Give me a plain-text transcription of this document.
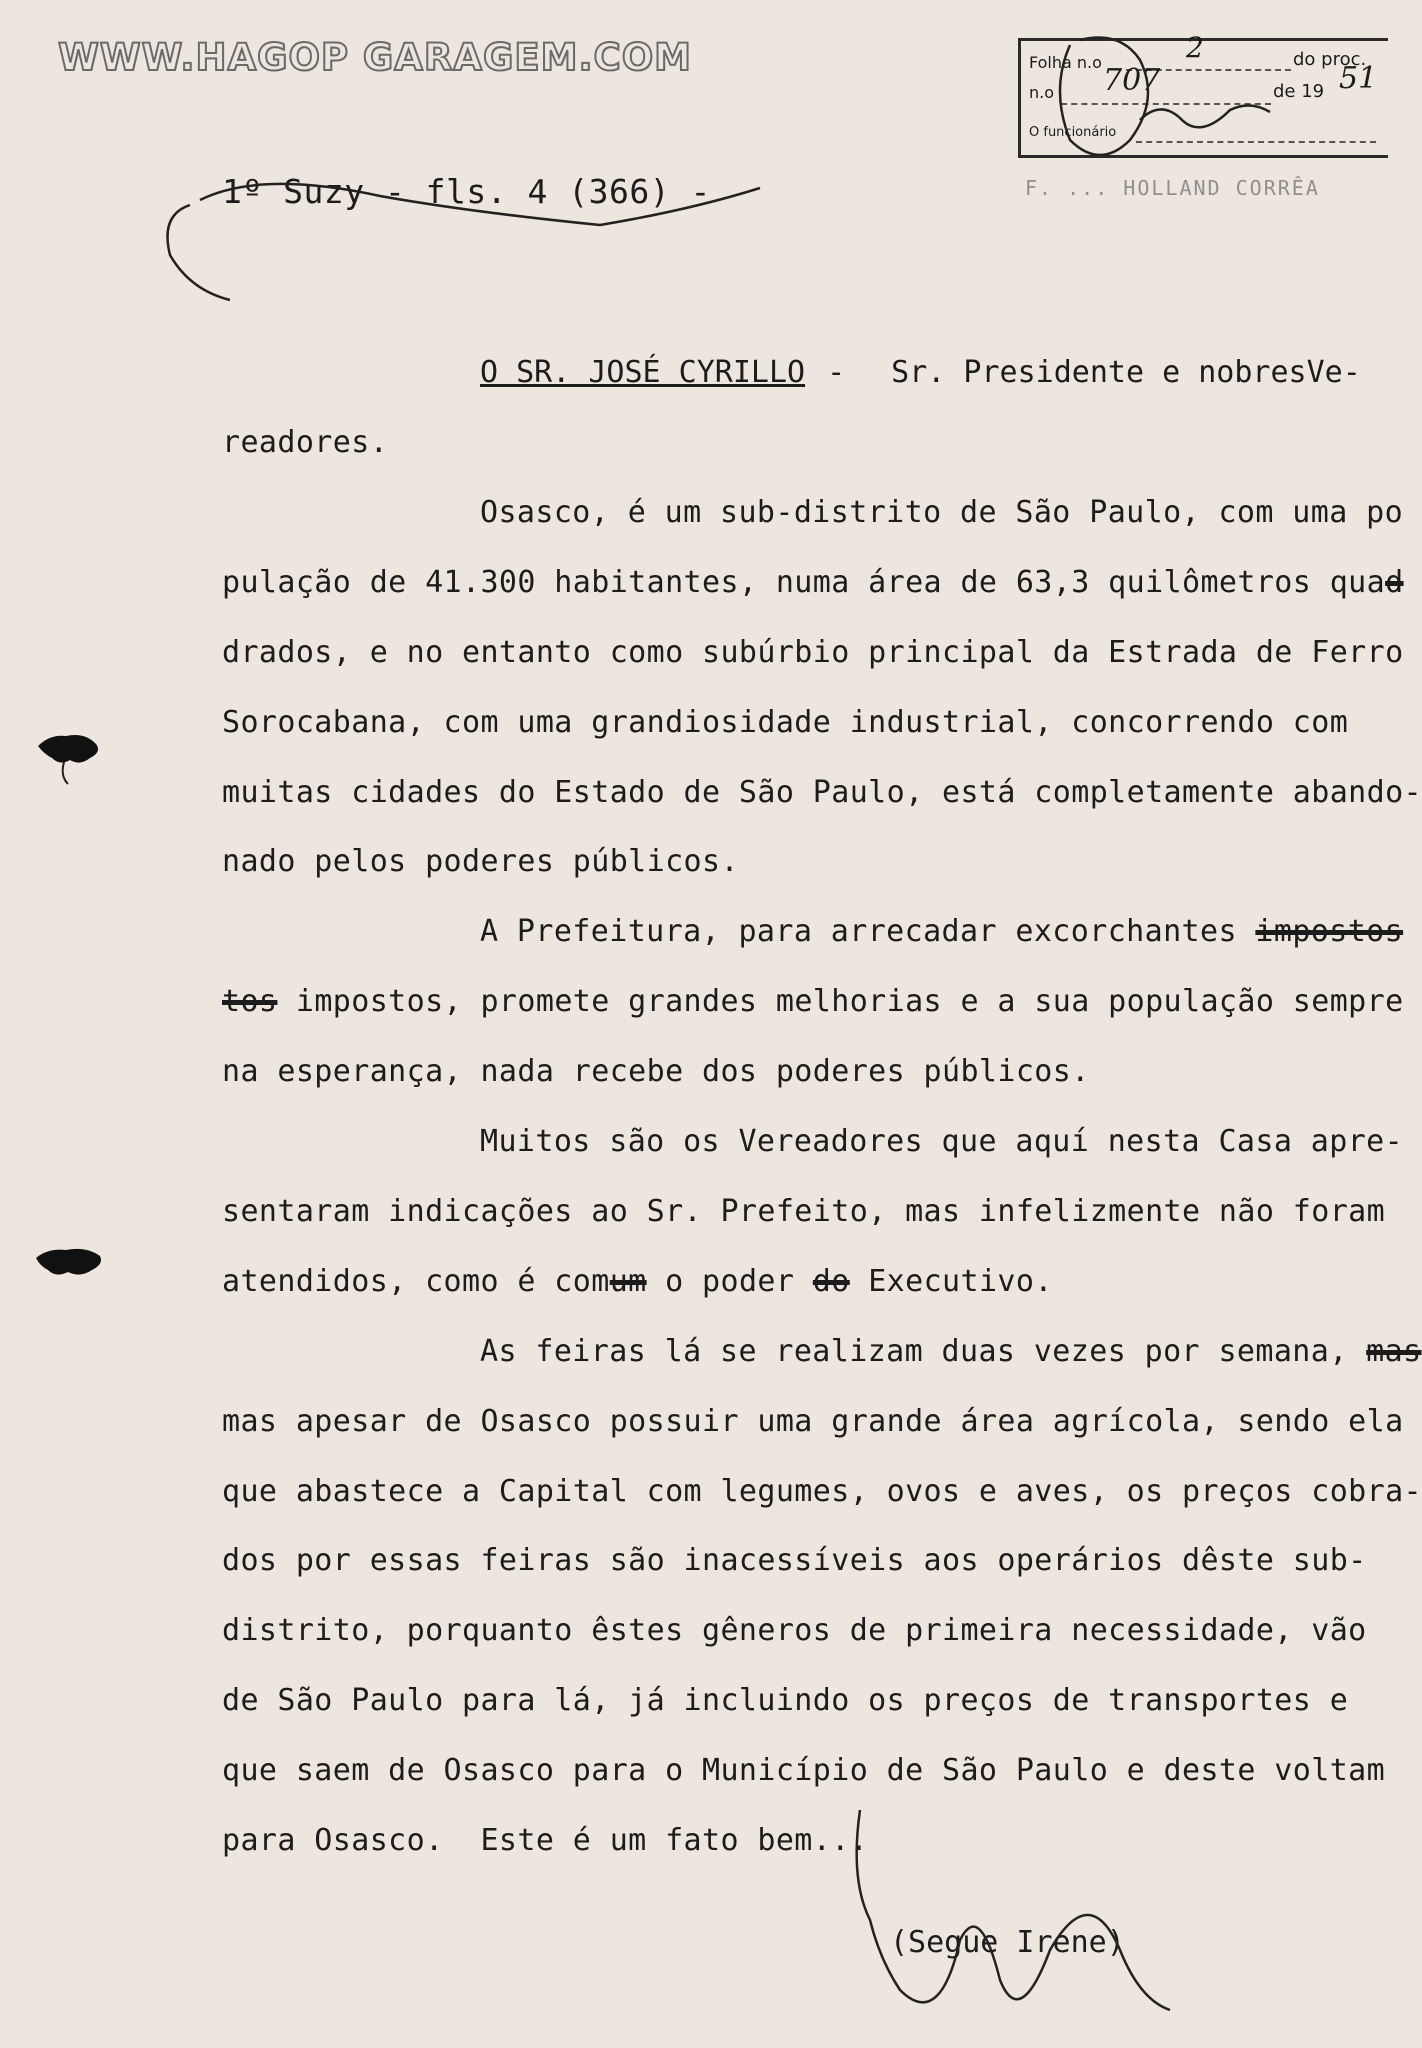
WWW.HAGOP GARAGEM.COM	Folha n.o	2	do proc.
n.o 707	de 19 51
O funcionário
F. ... HOLLAND CORRÊA
1º Suzy - fls. 4 (366) -
O SR. JOSÉ CYRILLO - Sr. Presidente e nobresVe-
readores.
Osasco, é um sub-distrito de São Paulo, com uma po
pulação de 41.300 habitantes, numa área de 63,3 quilômetros quad
drados, e no entanto como subúrbio principal da Estrada de Ferro
Sorocabana, com uma grandiosidade industrial, concorrendo com
muitas cidades do Estado de São Paulo, está completamente abando-
nado pelos poderes públicos.
A Prefeitura, para arrecadar excorchantes impostos
tos impostos, promete grandes melhorias e a sua população sempre
na esperança, nada recebe dos poderes públicos.
Muitos são os Vereadores que aquí nesta Casa apre-
sentaram indicações ao Sr. Prefeito, mas infelizmente não foram
atendidos, como é comum o poder do Executivo.
As feiras lá se realizam duas vezes por semana, mas
mas apesar de Osasco possuir uma grande área agrícola, sendo ela
que abastece a Capital com legumes, ovos e aves, os preços cobra-
dos por essas feiras são inacessíveis aos operários dêste sub-
distrito, porquanto êstes gêneros de primeira necessidade, vão
de São Paulo para lá, já incluindo os preços de transportes e
que saem de Osasco para o Município de São Paulo e deste voltam
para Osasco.  Este é um fato bem...
(Segue Irene)
